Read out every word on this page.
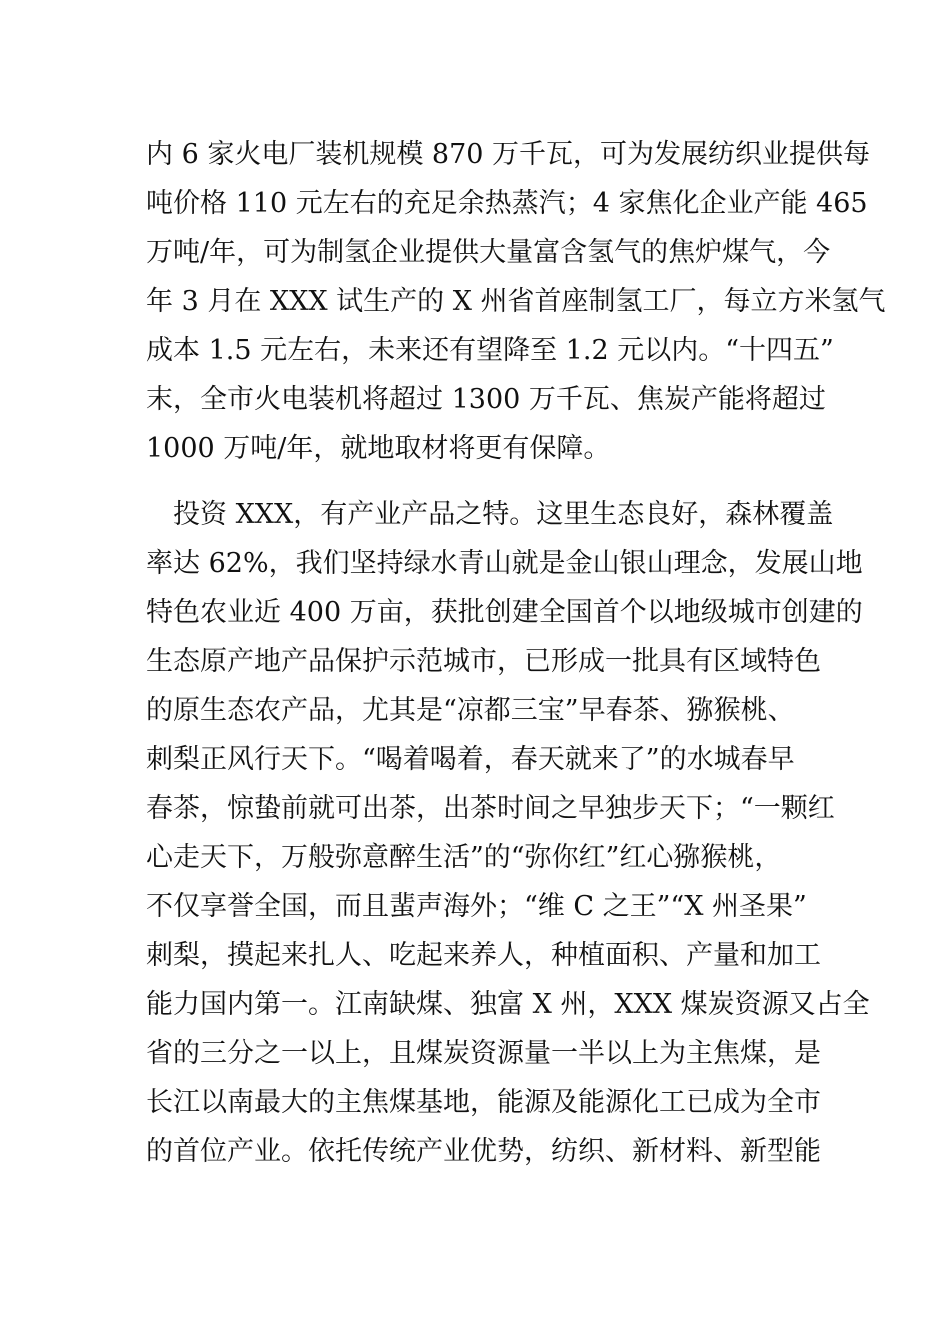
内 6 家火电厂装机规模 870 万千瓦，可为发展纺织业提供每
吨价格 110 元左右的充足余热蒸汽；4 家焦化企业产能 465
万吨/年，可为制氢企业提供大量富含氢气的焦炉煤气，今
年 3 月在 XXX 试生产的 X 州省首座制氢工厂，每立方米氢气
成本 1.5 元左右，未来还有望降至 1.2 元以内。“十四五”
末，全市火电装机将超过 1300 万千瓦、焦炭产能将超过
1000 万吨/年，就地取材将更有保障。
　投资 XXX，有产业产品之特。这里生态良好，森林覆盖
率达 62%，我们坚持绿水青山就是金山银山理念，发展山地
特色农业近 400 万亩，获批创建全国首个以地级城市创建的
生态原产地产品保护示范城市，已形成一批具有区域特色
的原生态农产品，尤其是“凉都三宝”早春茶、猕猴桃、
刺梨正风行天下。“喝着喝着，春天就来了”的水城春早
春茶，惊蛰前就可出茶，出茶时间之早独步天下；“一颗红
心走天下，万般弥意醉生活”的“弥你红”红心猕猴桃，
不仅享誉全国，而且蜚声海外；“维 C 之王”“X 州圣果”
刺梨，摸起来扎人、吃起来养人，种植面积、产量和加工
能力国内第一。江南缺煤、独富 X 州，XXX 煤炭资源又占全
省的三分之一以上，且煤炭资源量一半以上为主焦煤，是
长江以南最大的主焦煤基地，能源及能源化工已成为全市
的首位产业。依托传统产业优势，纺织、新材料、新型能
